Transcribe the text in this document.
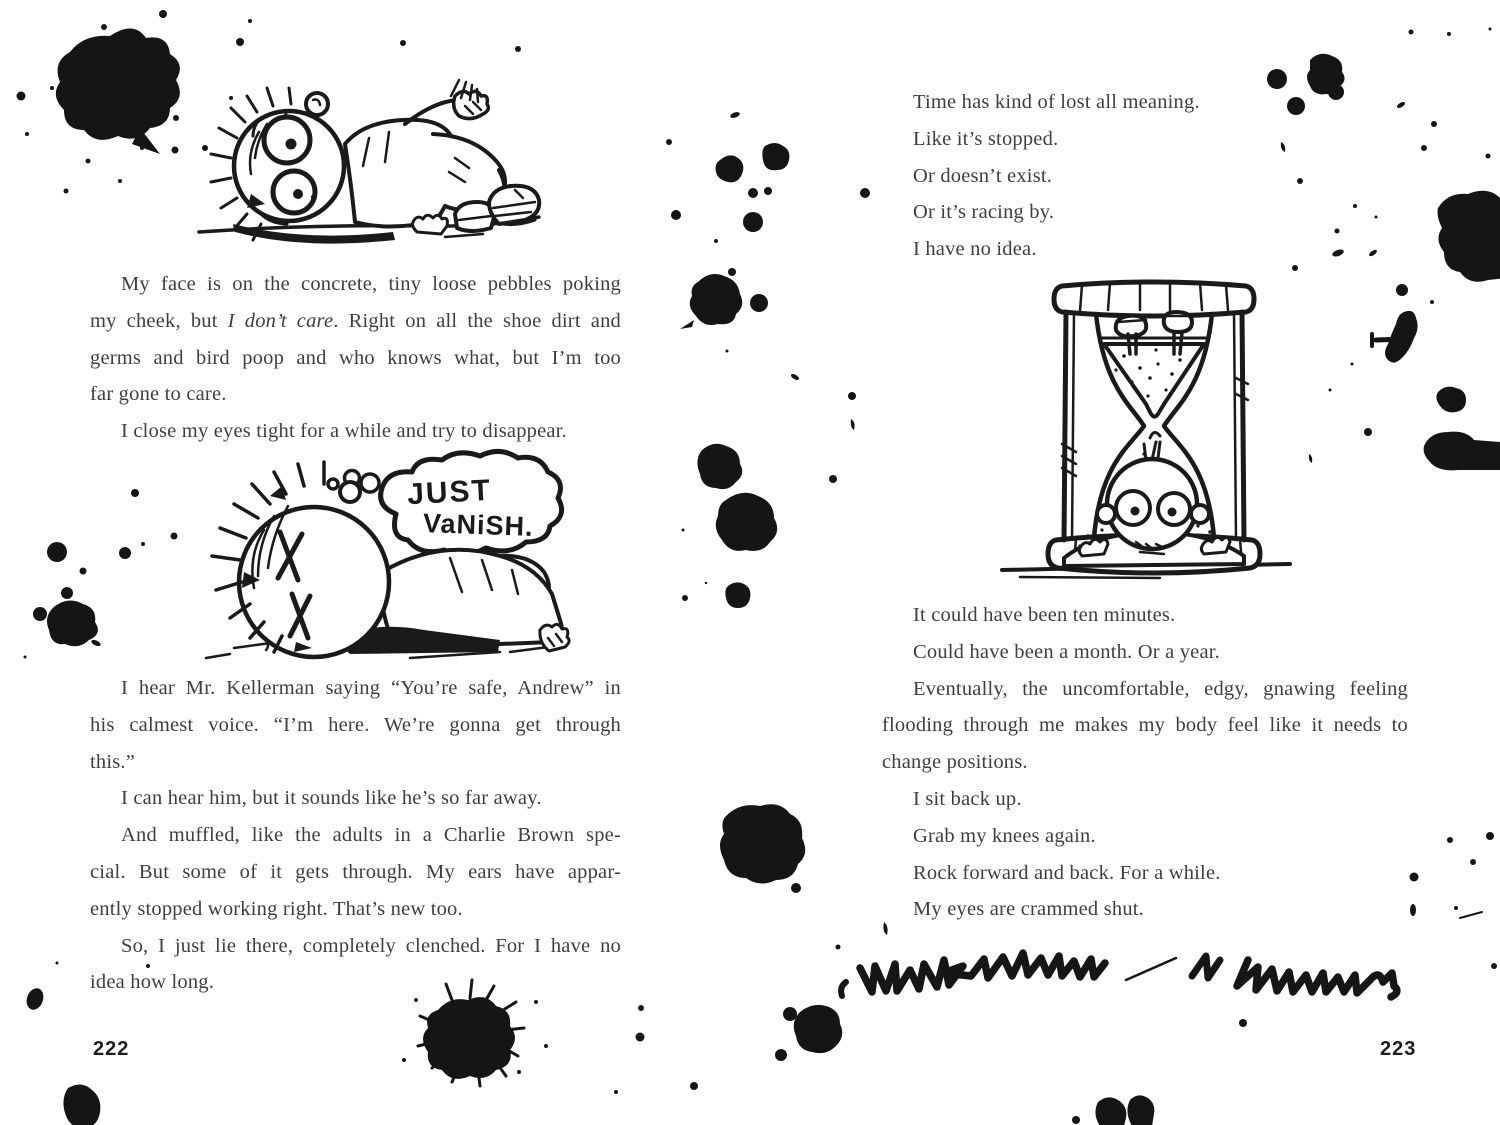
My face is on the concrete, tiny loose pebbles poking
my cheek, but I don’t care. Right on all the shoe dirt and
germs and bird poop and who knows what, but I’m too
far gone to care.
I close my eyes tight for a while and try to disappear.
JUST
VaNiSH.
I hear Mr. Kellerman saying “You’re safe, Andrew” in
his calmest voice. “I’m here. We’re gonna get through
this.”
I can hear him, but it sounds like he’s so far away.
And muffled, like the adults in a Charlie Brown spe-
cial. But some of it gets through. My ears have appar-
ently stopped working right. That’s new too.
So, I just lie there, completely clenched. For I have no
idea how long.
222
Time has kind of lost all meaning.
Like it’s stopped.
Or doesn’t exist.
Or it’s racing by.
I have no idea.
It could have been ten minutes.
Could have been a month. Or a year.
Eventually, the uncomfortable, edgy, gnawing feeling
flooding through me makes my body feel like it needs to
change positions.
I sit back up.
Grab my knees again.
Rock forward and back. For a while.
My eyes are crammed shut.
223
